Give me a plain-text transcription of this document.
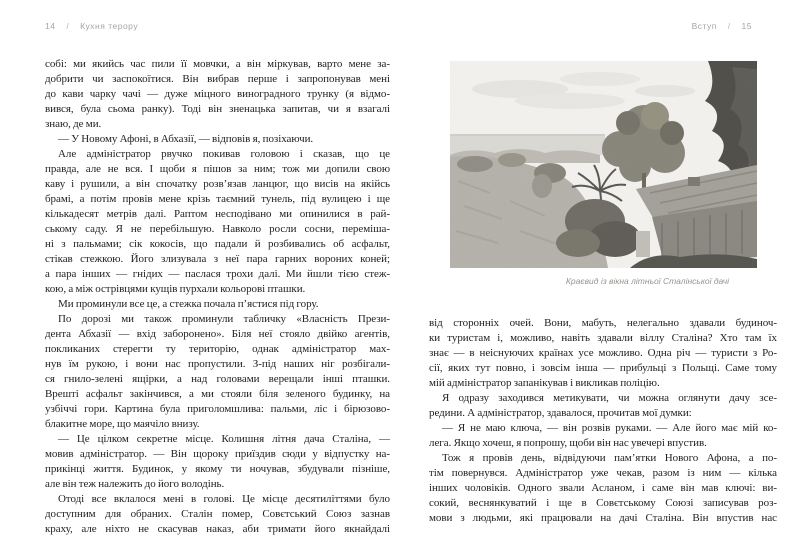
14 / Кухня терору	Вступ / 15
собі: ми якийсь час пили її мовчки, а він міркував, варто мене за-
добрити чи заспокоїтися. Він вибрав перше і запропонував мені
до кави чарку чачі — дуже міцного виноградного трунку (я відмо-
вився, була сьома ранку). Тоді він зненацька запитав, чи я взагалі
знаю, де ми.
— У Новому Афоні, в Абхазії, — відповів я, позіхаючи.
Але адміністратор рвучко покивав головою і сказав, що це
правда, але не вся. І щоби я пішов за ним; тож ми допили свою
каву і рушили, а він спочатку розв’язав ланцюг, що висів на якійсь
брамі, а потім провів мене крізь таємний тунель, під вулицею і ще
кількадесят метрів далі. Раптом несподівано ми опинилися в рай-
ському саду. Я не перебільшую. Навколо росли сосни, переміша-
ні з пальмами; сік кокосів, що падали й розбивались об асфальт,
стікав стежкою. Його злизувала з неї пара гарних вороних коней;
а пара інших — гнідих — паслася трохи далі. Ми йшли тією стеж-
кою, а між острівцями кущів пурхали кольорові пташки.
Ми проминули все це, а стежка почала п’ястися під гору.
По дорозі ми також проминули табличку «Власність Прези-
дента Абхазії — вхід заборонено». Біля неї стояло двійко агентів,
покликаних стерегти ту територію, однак адміністратор мах-
нув їм рукою, і вони нас пропустили. З-під наших ніг розбігали-
ся гнило-зелені ящірки, а над головами верещали інші пташки.
Врешті асфальт закінчився, а ми стояли біля зеленого будинку, на
узбіччі гори. Картина була приголомшлива: пальми, ліс і бірюзово-
блакитне море, що маячіло внизу.
— Це цілком секретне місце. Колишня літня дача Сталіна, —
мовив адміністратор. — Він щороку приїздив сюди у відпустку на-
прикінці життя. Будинок, у якому ти ночував, збудували пізніше,
але він теж належить до його володінь.
Отоді все вклалося мені в голові. Це місце десятиліттями було
доступним для обраних. Сталін помер, Совєтський Союз зазнав
краху, але ніхто не скасував наказ, аби тримати його якнайдалі
Краєвид із вікна літньої Сталінської дачі
від сторонніх очей. Вони, мабуть, нелегально здавали будиноч-
ки туристам і, можливо, навіть здавали віллу Сталіна? Хто там їх
знає — в неіснуючих країнах усе можливо. Одна річ — туристи з Ро-
сії, яких тут повно, і зовсім інша — прибульці з Польщі. Саме тому
мій адміністратор запанікував і викликав поліцію.
Я одразу заходився метикувати, чи можна оглянути дачу зсе-
редини. А адміністратор, здавалося, прочитав мої думки:
— Я не маю ключа, — він розвів руками. — Але його має мій ко-
лега. Якщо хочеш, я попрошу, щоби він нас увечері впустив.
Тож я провів день, відвідуючи пам’ятки Нового Афона, а по-
тім повернувся. Адміністратор уже чекав, разом із ним — кілька
інших чоловіків. Одного звали Асланом, і саме він мав ключі: ви-
сокий, веснянкуватий і ще в Совєтському Союзі записував роз-
мови з людьми, які працювали на дачі Сталіна. Він впустив нас
